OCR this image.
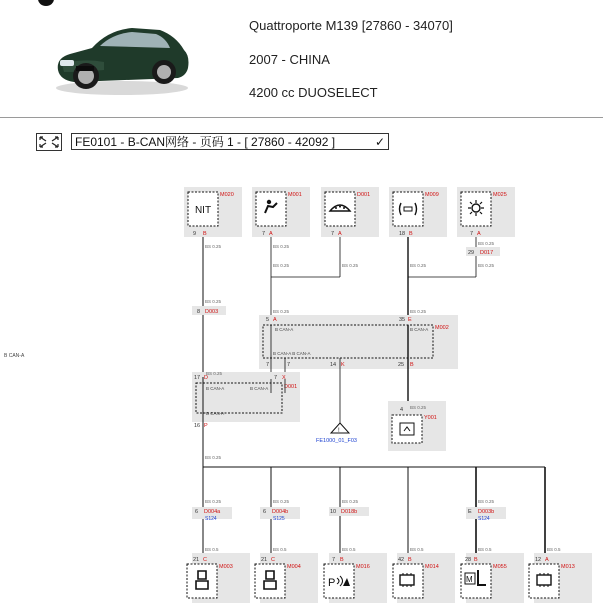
Quattroporte M139 [27860 - 34070]
2007 - CHINA
4200 cc DUOSELECT
FE0101 - B-CAN网络 - 页码 1 - [ 27860 - 42092 ]	✓
B CAN-A
NIT
M020
9 B
M001
7 A
D001
7 A
M009
18 B
M025
7 A
BS 0.25	BS 0.25
BS 0.25	BS 0.25	BS 0.25	BS 0.25
BS 0.25
BS 0.25
BS 0.25	BS 0.25
29 D017
8 D003
M002
5 A	35 E
B CAN-A	B CAN-A
B CAN-A B CAN-A
7	7	14 K	25 B
17 D
BS 0.25
7 X
D001
B CAN-A	B CAN-A
B CAN-A
16 P
!
FE1000_01_F03
BS 0.25
4
Y001
BS 0.25
BS 0.25
6 D004a
S124
BS 0.25
6 D004b
S125
BS 0.25
10 D018b
BS 0.25
E D003b
S124
BS 0.5	BS 0.5	BS 0.5	BS 0.5	BS 0.5	BS 0.5
21 C
M003
21 C
M004
P
7 B
M016
42 B
M014
M
28 B
M055
12 A
M013
